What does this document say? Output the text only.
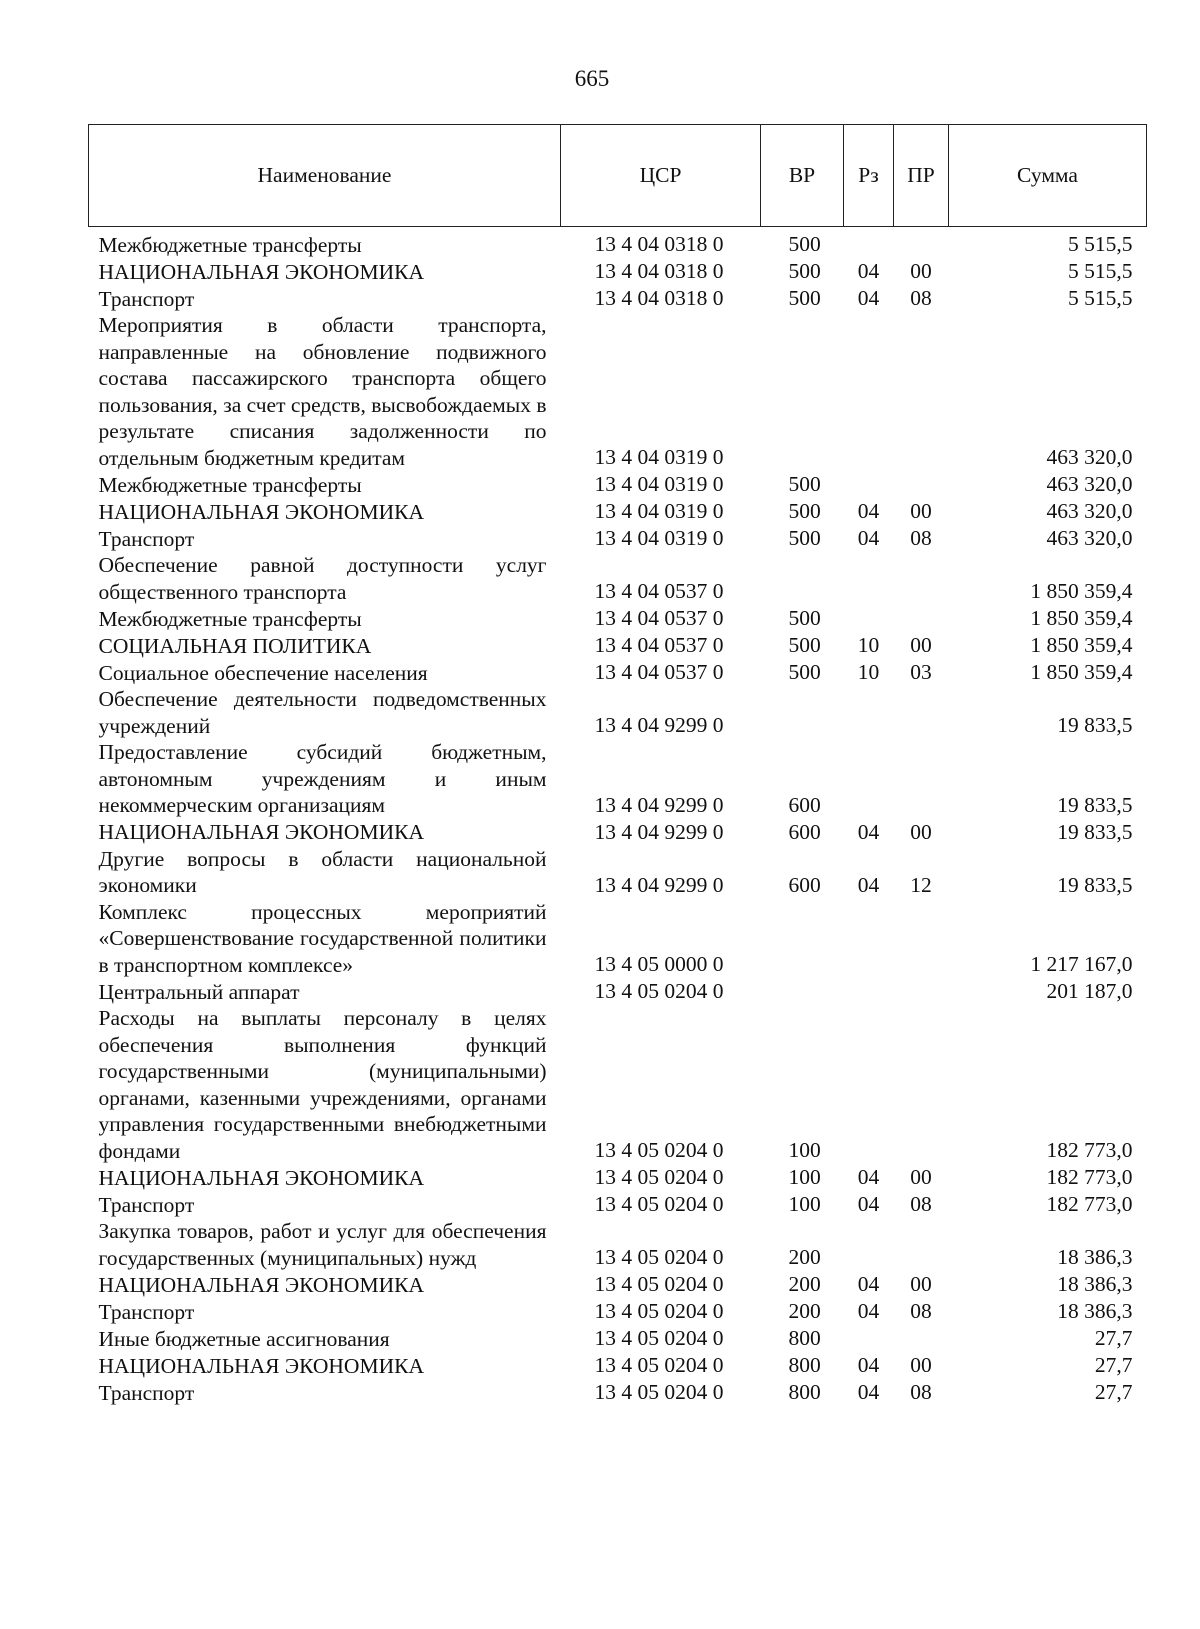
665
Наименование	ЦСР	ВР	Рз	ПР	Сумма
Межбюджетные трансферты	13 4 04 0318 0	500			5 515,5
НАЦИОНАЛЬНАЯ ЭКОНОМИКА	13 4 04 0318 0	500	04	00	5 515,5
Транспорт	13 4 04 0318 0	500	04	08	5 515,5
Мероприятия в области транспорта, направленные на обновление подвижного состава пассажирского транспорта общего пользования, за счет средств, высвобождаемых в результате списания задолженности по отдельным бюджетным кредитам	13 4 04 0319 0				463 320,0
Межбюджетные трансферты	13 4 04 0319 0	500			463 320,0
НАЦИОНАЛЬНАЯ ЭКОНОМИКА	13 4 04 0319 0	500	04	00	463 320,0
Транспорт	13 4 04 0319 0	500	04	08	463 320,0
Обеспечение равной доступности услуг общественного транспорта	13 4 04 0537 0				1 850 359,4
Межбюджетные трансферты	13 4 04 0537 0	500			1 850 359,4
СОЦИАЛЬНАЯ ПОЛИТИКА	13 4 04 0537 0	500	10	00	1 850 359,4
Социальное обеспечение населения	13 4 04 0537 0	500	10	03	1 850 359,4
Обеспечение деятельности подведомственных учреждений	13 4 04 9299 0				19 833,5
Предоставление субсидий бюджетным, автономным учреждениям и иным некоммерческим организациям	13 4 04 9299 0	600			19 833,5
НАЦИОНАЛЬНАЯ ЭКОНОМИКА	13 4 04 9299 0	600	04	00	19 833,5
Другие вопросы в области национальной экономики	13 4 04 9299 0	600	04	12	19 833,5
Комплекс процессных мероприятий «Совершенствование государственной политики в транспортном комплексе»	13 4 05 0000 0				1 217 167,0
Центральный аппарат	13 4 05 0204 0				201 187,0
Расходы на выплаты персоналу в целях обеспечения выполнения функций государственными (муниципальными) органами, казенными учреждениями, органами управления государственными внебюджетными фондами	13 4 05 0204 0	100			182 773,0
НАЦИОНАЛЬНАЯ ЭКОНОМИКА	13 4 05 0204 0	100	04	00	182 773,0
Транспорт	13 4 05 0204 0	100	04	08	182 773,0
Закупка товаров, работ и услуг для обеспечения государственных (муниципальных) нужд	13 4 05 0204 0	200			18 386,3
НАЦИОНАЛЬНАЯ ЭКОНОМИКА	13 4 05 0204 0	200	04	00	18 386,3
Транспорт	13 4 05 0204 0	200	04	08	18 386,3
Иные бюджетные ассигнования	13 4 05 0204 0	800			27,7
НАЦИОНАЛЬНАЯ ЭКОНОМИКА	13 4 05 0204 0	800	04	00	27,7
Транспорт	13 4 05 0204 0	800	04	08	27,7
